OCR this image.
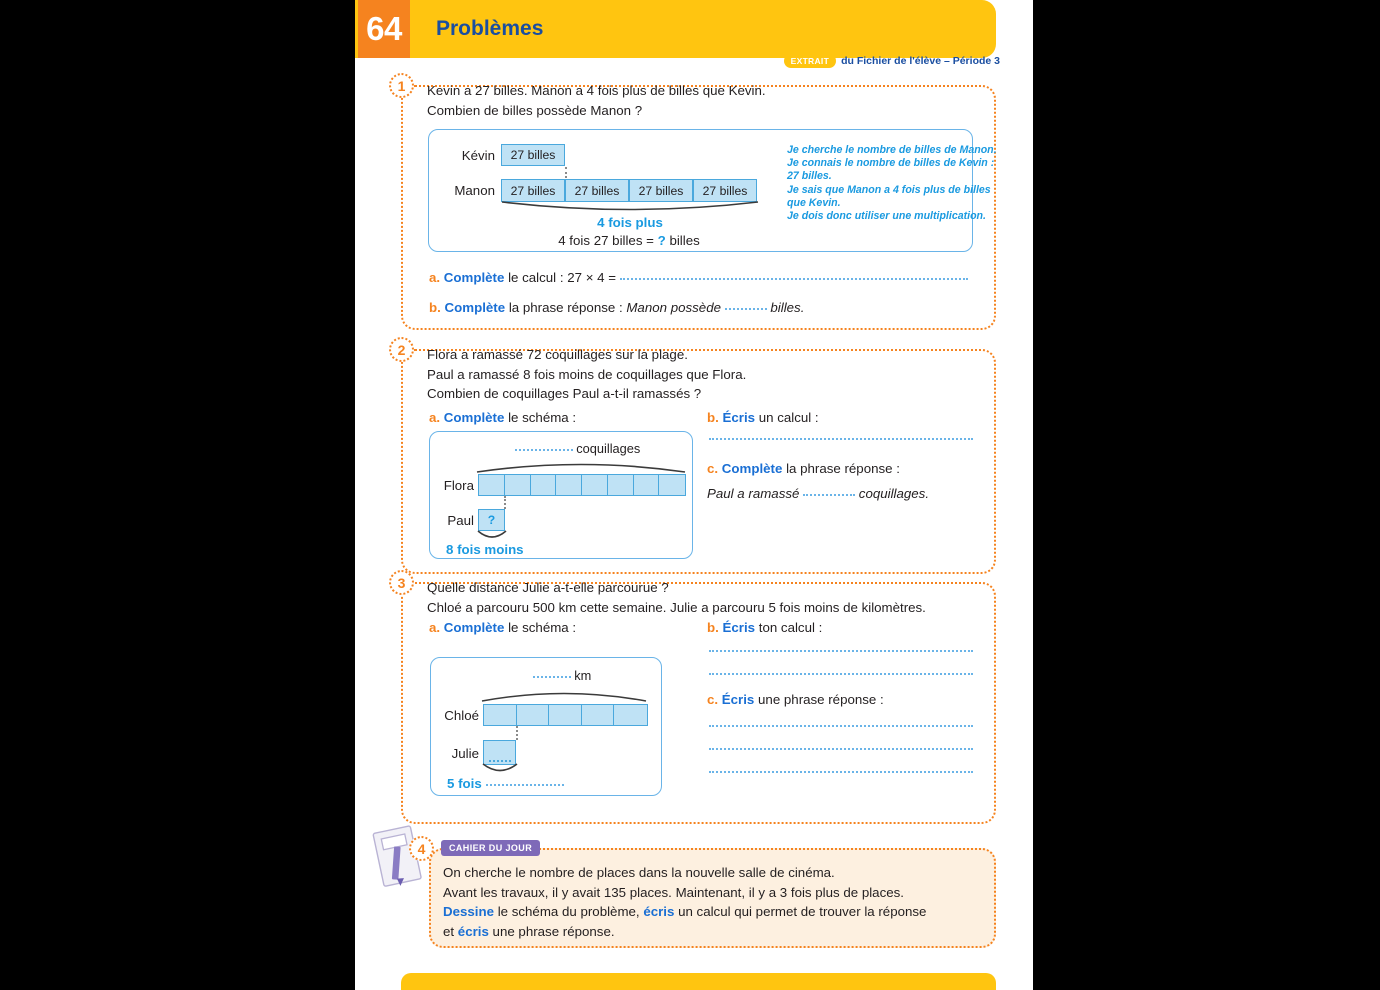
64	Problèmes
EXTRAIT	du Fichier de l'élève – Période 3
1	Kevin a 27 billes. Manon a 4 fois plus de billes que Kevin.
Combien de billes possède Manon ?
Kévin	27 billes
Manon	27 billes	27 billes	27 billes	27 billes
4 fois plus
4 fois 27 billes = ? billes
Je cherche le nombre de billes de Manon.
Je connais le nombre de billes de Kevin :
27 billes.
Je sais que Manon a 4 fois plus de billes
que Kevin.
Je dois donc utiliser une multiplication.
a. Complète le calcul : 27 × 4 =
b. Complète la phrase réponse : Manon possède	billes.
2	Flora a ramassé 72 coquillages sur la plage.
Paul a ramassé 8 fois moins de coquillages que Flora.
Combien de coquillages Paul a-t-il ramassés ?
a. Complète le schéma :	b. Écris un calcul :
coquillages
Flora
Paul	?
8 fois moins
c. Complète la phrase réponse :
Paul a ramassé	coquillages.
3	Quelle distance Julie a-t-elle parcourue ?
Chloé a parcouru 500 km cette semaine. Julie a parcouru 5 fois moins de kilomètres.
a. Complète le schéma :	b. Écris ton calcul :
km
Chloé
Julie
5 fois
c. Écris une phrase réponse :
4	CAHIER DU JOUR
On cherche le nombre de places dans la nouvelle salle de cinéma.
Avant les travaux, il y avait 135 places. Maintenant, il y a 3 fois plus de places.
Dessine le schéma du problème, écris un calcul qui permet de trouver la réponse
et écris une phrase réponse.
